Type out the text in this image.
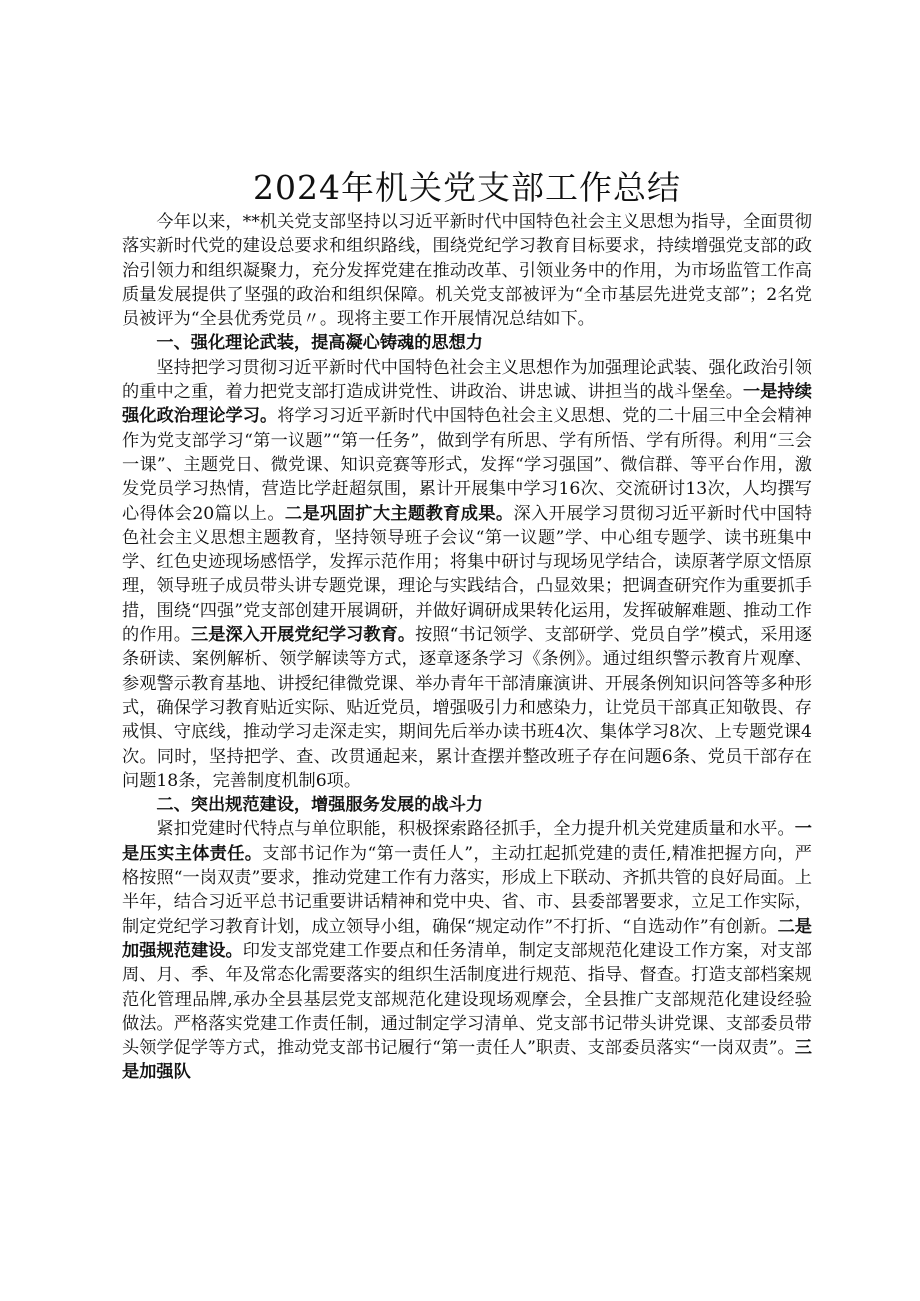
2024年机关党支部工作总结

今年以来，**机关党支部坚持以习近平新时代中国特色社会主义思想为指导，全面贯彻落实新时代党的建设总要求和组织路线，围绕党纪学习教育目标要求，持续增强党支部的政治引领力和组织凝聚力，充分发挥党建在推动改革、引领业务中的作用，为市场监管工作高质量发展提供了坚强的政治和组织保障。机关党支部被评为“全市基层先进党支部”；2名党员被评为“全县优秀党员〃。现将主要工作开展情况总结如下。

一、强化理论武装，提高凝心铸魂的思想力

坚持把学习贯彻习近平新时代中国特色社会主义思想作为加强理论武装、强化政治引领的重中之重，着力把党支部打造成讲党性、讲政治、讲忠诚、讲担当的战斗堡垒。一是持续强化政治理论学习。将学习习近平新时代中国特色社会主义思想、党的二十届三中全会精神作为党支部学习“第一议题”“第一任务”，做到学有所思、学有所悟、学有所得。利用“三会一课”、主题党日、微党课、知识竞赛等形式，发挥“学习强国”、微信群、等平台作用，激发党员学习热情，营造比学赶超氛围，累计开展集中学习16次、交流研讨13次，人均撰写心得体会20篇以上。二是巩固扩大主题教育成果。深入开展学习贯彻习近平新时代中国特色社会主义思想主题教育，坚持领导班子会议“第一议题”学、中心组专题学、读书班集中学、红色史迹现场感悟学，发挥示范作用；将集中研讨与现场见学结合，读原著学原文悟原理，领导班子成员带头讲专题党课，理论与实践结合，凸显效果；把调查研究作为重要抓手措，围绕“四强”党支部创建开展调研，并做好调研成果转化运用，发挥破解难题、推动工作的作用。三是深入开展党纪学习教育。按照“书记领学、支部研学、党员自学”模式，采用逐条研读、案例解析、领学解读等方式，逐章逐条学习《条例》。通过组织警示教育片观摩、参观警示教育基地、讲授纪律微党课、举办青年干部清廉演讲、开展条例知识问答等多种形式，确保学习教育贴近实际、贴近党员，增强吸引力和感染力，让党员干部真正知敬畏、存戒惧、守底线，推动学习走深走实，期间先后举办读书班4次、集体学习8次、上专题党课4次。同时，坚持把学、查、改贯通起来，累计查摆并整改班子存在问题6条、党员干部存在问题18条，完善制度机制6项。

二、突出规范建设，增强服务发展的战斗力

紧扣党建时代特点与单位职能，积极探索路径抓手，全力提升机关党建质量和水平。一是压实主体责任。支部书记作为“第一责任人”，主动扛起抓党建的责任,精准把握方向，严格按照“一岗双责”要求，推动党建工作有力落实，形成上下联动、齐抓共管的良好局面。上半年，结合习近平总书记重要讲话精神和党中央、省、市、县委部署要求，立足工作实际，制定党纪学习教育计划，成立领导小组，确保“规定动作”不打折、“自选动作”有创新。二是加强规范建设。印发支部党建工作要点和任务清单，制定支部规范化建设工作方案，对支部周、月、季、年及常态化需要落实的组织生活制度进行规范、指导、督查。打造支部档案规范化管理品牌,承办全县基层党支部规范化建设现场观摩会，全县推广支部规范化建设经验做法。严格落实党建工作责任制，通过制定学习清单、党支部书记带头讲党课、支部委员带头领学促学等方式，推动党支部书记履行“第一责任人”职责、支部委员落实“一岗双责”。三是加强队
